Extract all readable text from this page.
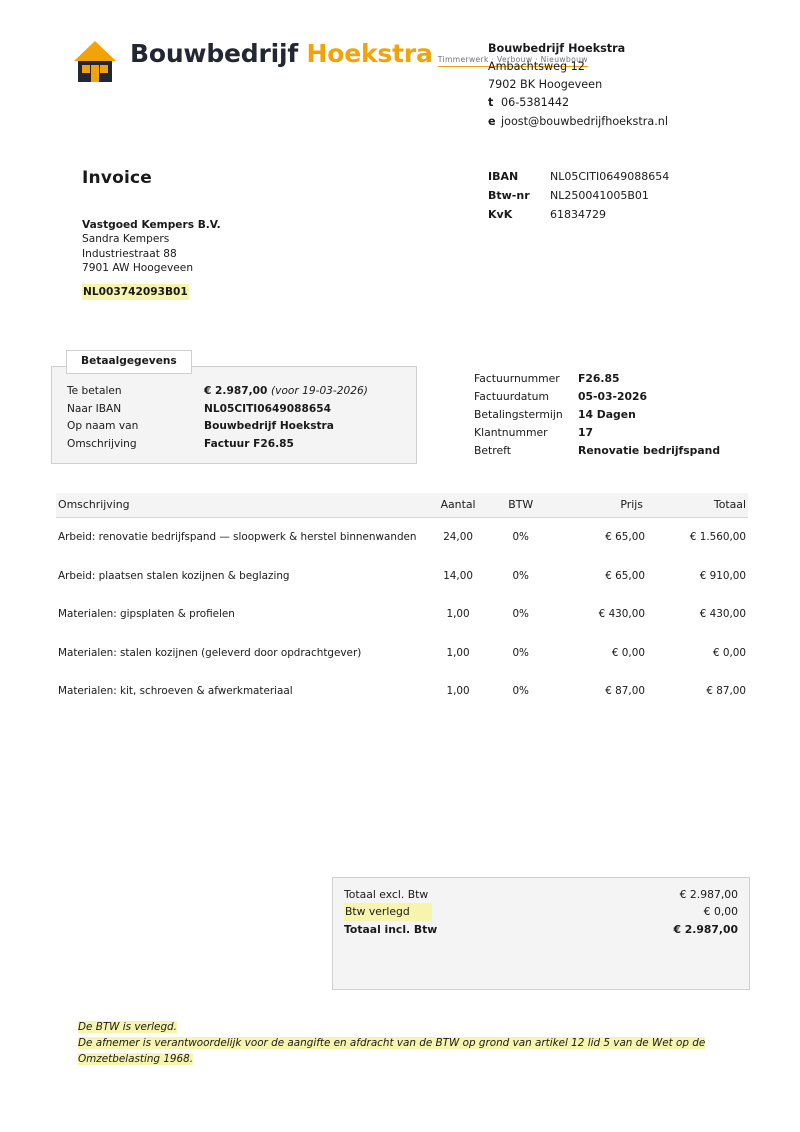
Bouwbedrijf Hoekstra Timmerwerk · Verbouw · Nieuwbouw
Bouwbedrijf Hoekstra
Ambachtsweg 12
7902 BK Hoogeveen
t 06-5381442
e joost@bouwbedrijfhoekstra.nl
Invoice
Vastgoed Kempers B.V.
Sandra Kempers
Industriestraat 88
7901 AW Hoogeveen
NL003742093B01
IBAN	NL05CITI0649088654
Btw-nr	NL250041005B01
KvK	61834729
Betaalgegevens
Te betalen	€ 2.987,00 (voor 19-03-2026)
Naar IBAN	NL05CITI0649088654
Op naam van	Bouwbedrijf Hoekstra
Omschrijving	Factuur F26.85
Factuurnummer	F26.85
Factuurdatum	05-03-2026
Betalingstermijn	14 Dagen
Klantnummer	17
Betreft	Renovatie bedrijfspand
Omschrijving	Aantal	BTW	Prijs	Totaal
Arbeid: renovatie bedrijfspand — sloopwerk & herstel binnenwanden	24,00	0%	€ 65,00	€ 1.560,00
Arbeid: plaatsen stalen kozijnen & beglazing	14,00	0%	€ 65,00	€ 910,00
Materialen: gipsplaten & profielen	1,00	0%	€ 430,00	€ 430,00
Materialen: stalen kozijnen (geleverd door opdrachtgever)	1,00	0%	€ 0,00	€ 0,00
Materialen: kit, schroeven & afwerkmateriaal	1,00	0%	€ 87,00	€ 87,00
Totaal excl. Btw	€ 2.987,00
Btw verlegd	€ 0,00
Totaal incl. Btw	€ 2.987,00
De BTW is verlegd.
De afnemer is verantwoordelijk voor de aangifte en afdracht van de BTW op grond van artikel 12 lid 5 van de Wet op de Omzetbelasting 1968.
